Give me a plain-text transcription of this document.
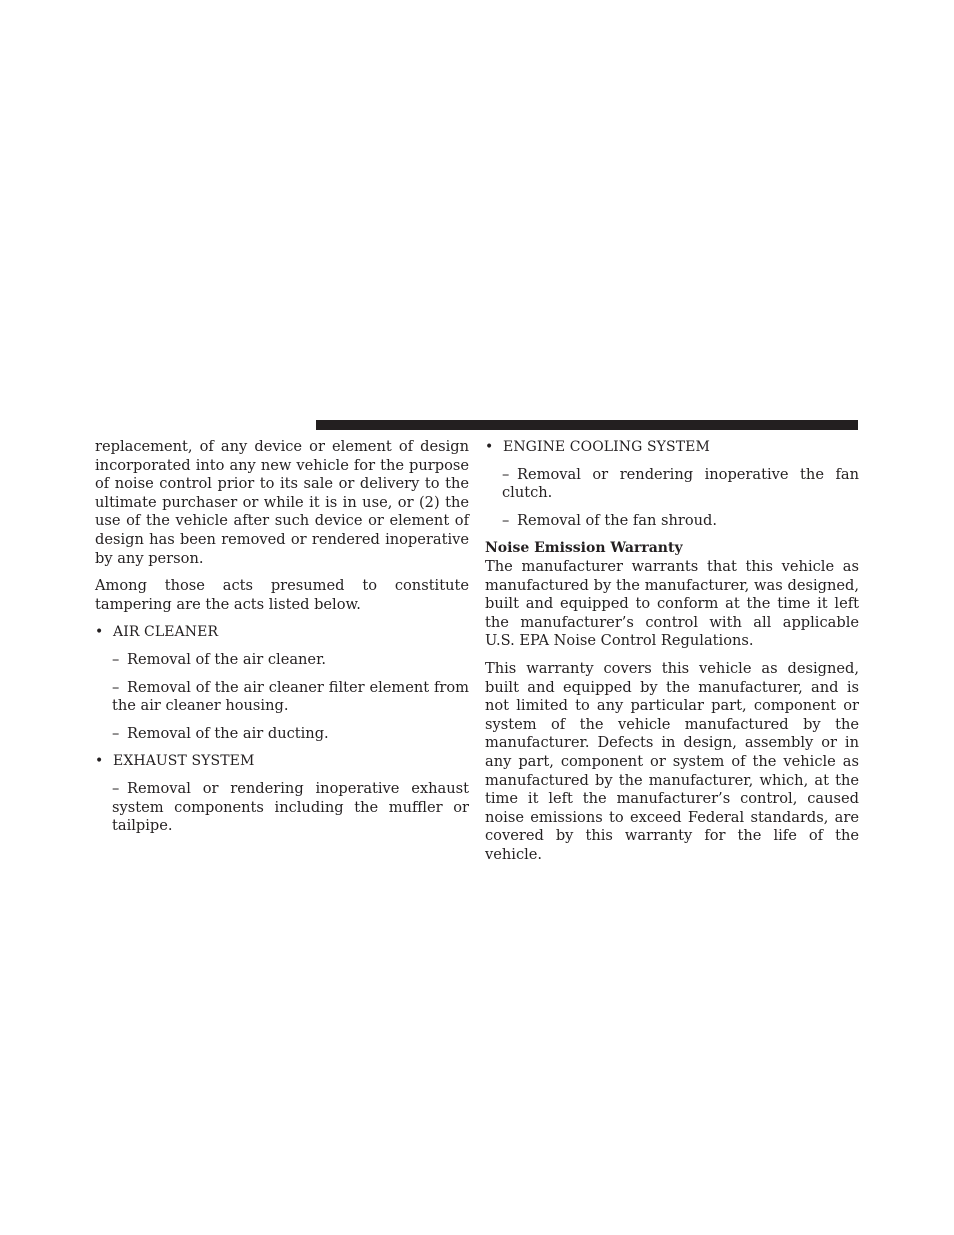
replacement, of any device or element of design incorporated into any new vehicle for the purpose of noise control prior to its sale or delivery to the ultimate purchaser or while it is in use, or (2) the use of the vehicle after such device or element of design has been removed or rendered inoperative by any person.

Among those acts presumed to constitute tampering are the acts listed below.

• AIR CLEANER

– Removal of the air cleaner.

– Removal of the air cleaner filter element from the air cleaner housing.

– Removal of the air ducting.

• EXHAUST SYSTEM

– Removal or rendering inoperative exhaust system components including the muffler or tailpipe.

• ENGINE COOLING SYSTEM

– Removal or rendering inoperative the fan clutch.

– Removal of the fan shroud.

Noise Emission Warranty

The manufacturer warrants that this vehicle as manufactured by the manufacturer, was designed, built and equipped to conform at the time it left the manufacturer’s control with all applicable U.S. EPA Noise Control Regulations.

This warranty covers this vehicle as designed, built and equipped by the manufacturer, and is not limited to any particular part, component or system of the vehicle manufactured by the manufacturer. Defects in design, assembly or in any part, component or system of the vehicle as manufactured by the manufacturer, which, at the time it left the manufacturer’s control, caused noise emissions to exceed Federal standards, are covered by this warranty for the life of the vehicle.
